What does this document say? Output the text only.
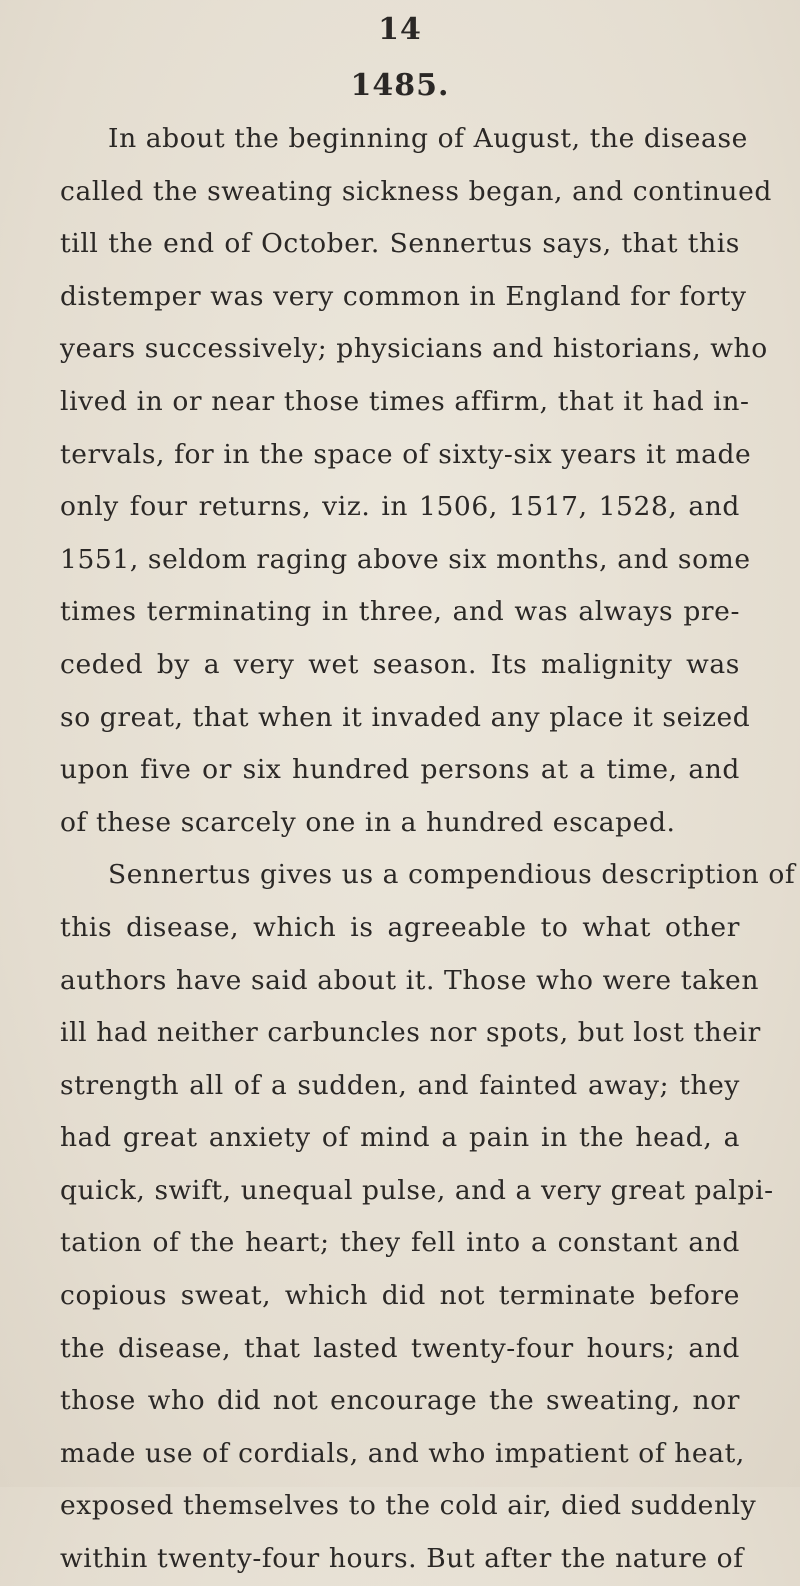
14
1485.
In about the beginning of August, the disease
called the sweating sickness began, and continued
till the end of October. Sennertus says, that this
distemper was very common in England for forty
years successively; physicians and historians, who
lived in or near those times affirm, that it had in-
tervals, for in the space of sixty-six years it made
only four returns, viz. in 1506, 1517, 1528, and
1551, seldom raging above six months, and some
times terminating in three, and was always pre-
ceded by a very wet season. Its malignity was
so great, that when it invaded any place it seized
upon five or six hundred persons at a time, and
of these scarcely one in a hundred escaped.
Sennertus gives us a compendious description of
this disease, which is agreeable to what other
authors have said about it. Those who were taken
ill had neither carbuncles nor spots, but lost their
strength all of a sudden, and fainted away; they
had great anxiety of mind a pain in the head, a
quick, swift, unequal pulse, and a very great palpi-
tation of the heart; they fell into a constant and
copious sweat, which did not terminate before
the disease, that lasted twenty-four hours; and
those who did not encourage the sweating, nor
made use of cordials, and who impatient of heat,
exposed themselves to the cold air, died suddenly
within twenty-four hours. But after the nature of
